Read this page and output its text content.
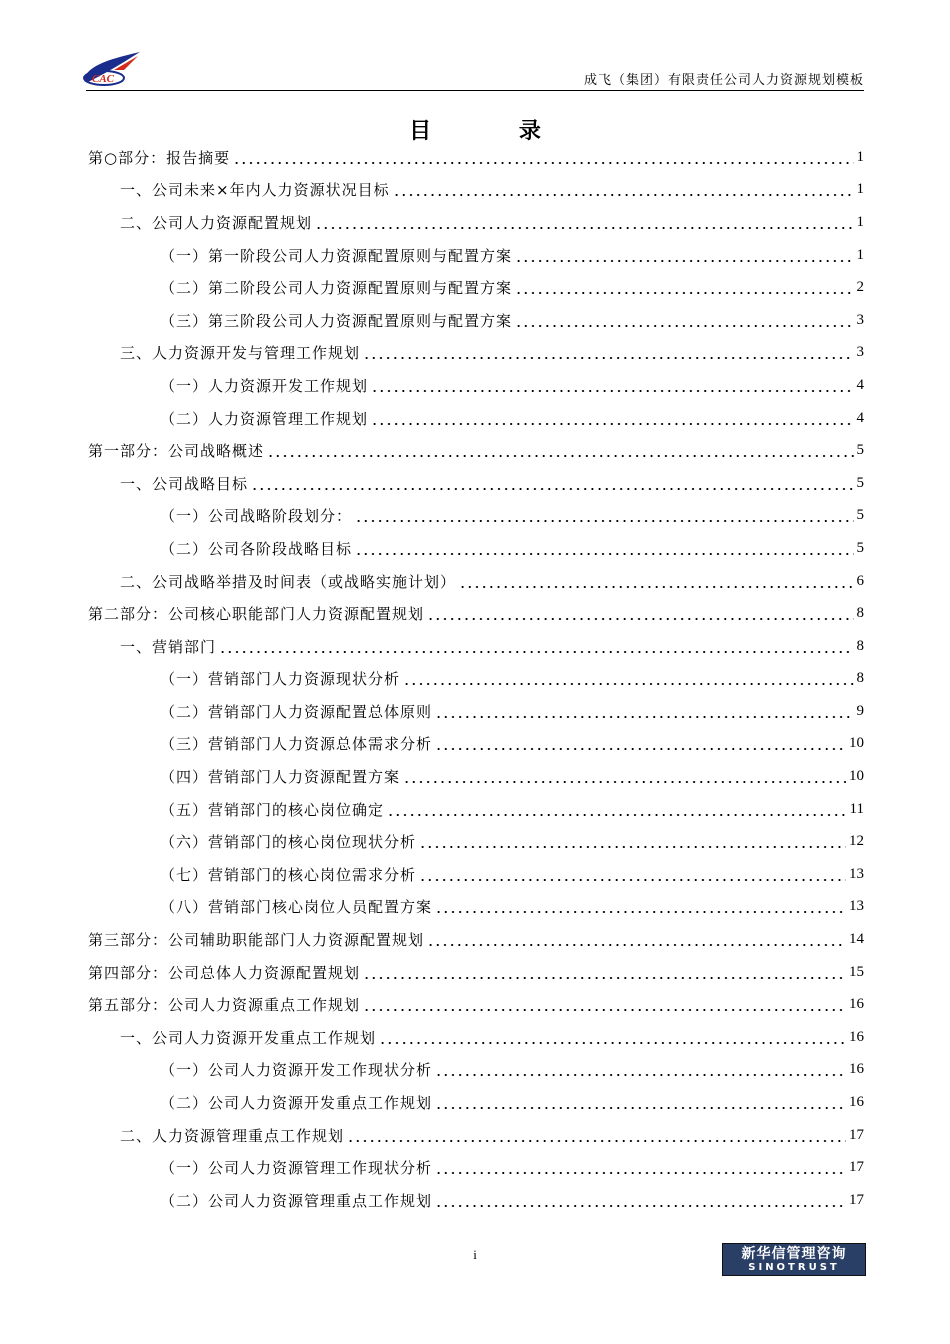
CAC	成飞（集团）有限责任公司人力资源规划模板
目 录
第○部分：报告摘要	1
一、公司未来×年内人力资源状况目标	1
二、公司人力资源配置规划	1
（一）第一阶段公司人力资源配置原则与配置方案	1
（二）第二阶段公司人力资源配置原则与配置方案	2
（三）第三阶段公司人力资源配置原则与配置方案	3
三、人力资源开发与管理工作规划	3
（一）人力资源开发工作规划	4
（二）人力资源管理工作规划	4
第一部分：公司战略概述	5
一、公司战略目标	5
（一）公司战略阶段划分：	5
（二）公司各阶段战略目标	5
二、公司战略举措及时间表（或战略实施计划）	6
第二部分：公司核心职能部门人力资源配置规划	8
一、营销部门	8
（一）营销部门人力资源现状分析	8
（二）营销部门人力资源配置总体原则	9
（三）营销部门人力资源总体需求分析	10
（四）营销部门人力资源配置方案	10
（五）营销部门的核心岗位确定	11
（六）营销部门的核心岗位现状分析	12
（七）营销部门的核心岗位需求分析	13
（八）营销部门核心岗位人员配置方案	13
第三部分：公司辅助职能部门人力资源配置规划	14
第四部分：公司总体人力资源配置规划	15
第五部分：公司人力资源重点工作规划	16
一、公司人力资源开发重点工作规划	16
（一）公司人力资源开发工作现状分析	16
（二）公司人力资源开发重点工作规划	16
二、人力资源管理重点工作规划	17
（一）公司人力资源管理工作现状分析	17
（二）公司人力资源管理重点工作规划	17
i	新华信管理咨询
SINOTRUST
